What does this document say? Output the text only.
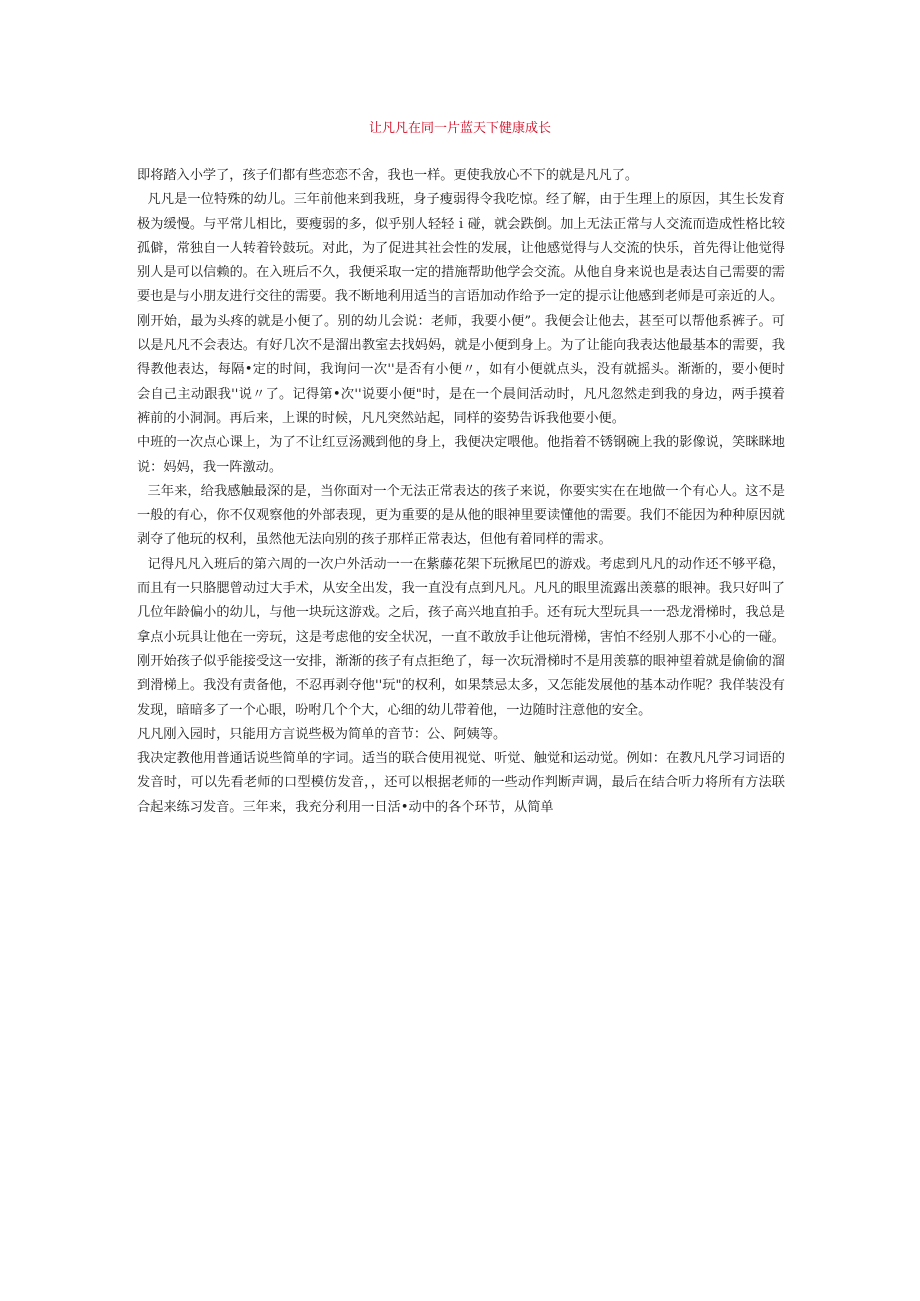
让凡凡在同一片蓝天下健康成长

即将踏入小学了，孩子们都有些恋恋不舍，我也一样。更使我放心不下的就是凡凡了。

凡凡是一位特殊的幼儿。三年前他来到我班，身子瘦弱得令我吃惊。经了解，由于生理上的原因，其生长发育极为缓慢。与平常儿相比，要瘦弱的多，似乎别人轻轻ｉ碰，就会跌倒。加上无法正常与人交流而造成性格比较孤僻，常独自一人转着铃鼓玩。对此，为了促进其社会性的发展，让他感觉得与人交流的快乐，首先得让他觉得别人是可以信赖的。在入班后不久，我便采取一定的措施帮助他学会交流。从他自身来说也是表达自己需要的需要也是与小朋友进行交往的需要。我不断地利用适当的言语加动作给予一定的提示让他感到老师是可亲近的人。

刚开始，最为头疼的就是小便了。别的幼儿会说：老师，我要小便”。我便会让他去，甚至可以帮他系裤子。可以是凡凡不会表达。有好几次不是溜出教室去找妈妈，就是小便到身上。为了让能向我表达他最基本的需要，我得教他表达，每隔•定的时间，我询问一次''是否有小便〃，如有小便就点头，没有就摇头。渐渐的，要小便时会自己主动跟我''说〃了。记得第•次''说要小便"时，是在一个晨间活动时，凡凡忽然走到我的身边，两手摸着裤前的小洞洞。再后来，上课的时候，凡凡突然站起，同样的姿势告诉我他要小便。

中班的一次点心课上，为了不让红豆汤溅到他的身上，我便决定喂他。他指着不锈钢碗上我的影像说，笑眯眯地说：妈妈，我一阵激动。

三年来，给我感触最深的是，当你面对一个无法正常表达的孩子来说，你要实实在在地做一个有心人。这不是一般的有心，你不仅观察他的外部表现，更为重要的是从他的眼神里要读懂他的需要。我们不能因为种种原因就剥夺了他玩的权利，虽然他无法向别的孩子那样正常表达，但他有着同样的需求。

记得凡凡入班后的第六周的一次户外活动一一在紫藤花架下玩揪尾巴的游戏。考虑到凡凡的动作还不够平稳，而且有一只胳腮曾动过大手术，从安全出发，我一直没有点到凡凡。凡凡的眼里流露出羡慕的眼神。我只好叫了几位年龄偏小的幼儿，与他一块玩这游戏。之后，孩子高兴地直拍手。还有玩大型玩具一一恐龙滑梯时，我总是拿点小玩具让他在一旁玩，这是考虑他的安全状况，一直不敢放手让他玩滑梯，害怕不经别人那不小心的一碰。刚开始孩子似乎能接受这一安排，渐渐的孩子有点拒绝了，每一次玩滑梯时不是用羡慕的眼神望着就是偷偷的溜到滑梯上。我没有责备他，不忍再剥夺他''玩"的权利，如果禁忌太多，又怎能发展他的基本动作呢？我佯装没有发现，暗暗多了一个心眼，吩咐几个个大，心细的幼儿带着他，一边随时注意他的安全。

凡凡刚入园时，只能用方言说些极为简单的音节：公、阿姨等。

我决定教他用普通话说些简单的字词。适当的联合使用视觉、听觉、触觉和运动觉。例如：在教凡凡学习词语的发音时，可以先看老师的口型模仿发音，，还可以根据老师的一些动作判断声调，最后在结合听力将所有方法联合起来练习发音。三年来，我充分利用一日活•动中的各个环节，从简单
